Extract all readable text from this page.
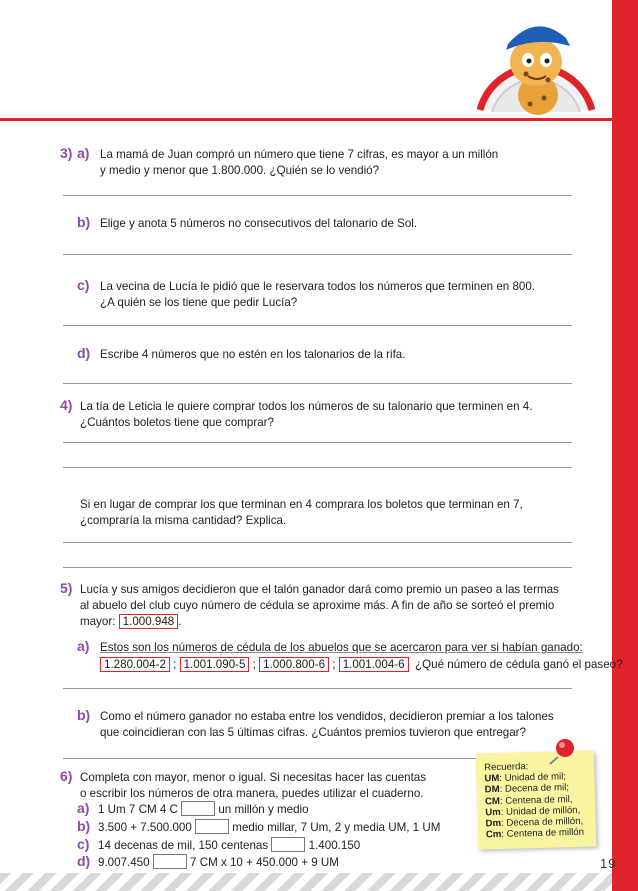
19
3) a) La mamá de Juan compró un número que tiene 7 cifras, es mayor a un millón
y medio y menor que 1.800.000. ¿Quién se lo vendió?
b) Elige y anota 5 números no consecutivos del talonario de Sol.
c) La vecina de Lucía le pidió que le reservara todos los números que terminen en 800.
¿A quién se los tiene que pedir Lucía?
d) Escribe 4 números que no estén en los talonarios de la rifa.
4) La tía de Leticia le quiere comprar todos los números de su talonario que terminen en 4.
¿Cuántos boletos tiene que comprar?
Si en lugar de comprar los que terminan en 4 comprara los boletos que terminan en 7,
¿compraría la misma cantidad? Explica.
5) Lucía y sus amigos decidieron que el talón ganador dará como premio un paseo a las termas
al abuelo del club cuyo número de cédula se aproxime más. A fin de año se sorteó el premio
mayor: 1.000.948 .
a) Estos son los números de cédula de los abuelos que se acercaron para ver si habían ganado:
1.280.004-2 ; 1.001.090-5 ; 1.000.800-6 ; 1.001.004-6 ¿Qué número de cédula ganó el paseo?
b) Como el número ganador no estaba entre los vendidos, decidieron premiar a los talones
que coincidieran con las 5 últimas cifras. ¿Cuántos premios tuvieron que entregar?
6) Completa con mayor, menor o igual. Si necesitas hacer las cuentas
o escribir los números de otra manera, puedes utilizar el cuaderno.
a) 1 Um 7 CM 4 C	un millón y medio
b) 3.500 + 7.500.000	medio millar, 7 Um, 2 y media UM, 1 UM
c) 14 decenas de mil, 150 centenas	1.400.150
d) 9.007.450	7 CM x 10 + 450.000 + 9 UM
Recuerda:
UM: Unidad de mil;
DM: Decena de mil;
CM: Centena de mil,
Um: Unidad de millón,
Dm: Decena de millón,
Cm: Centena de millón
